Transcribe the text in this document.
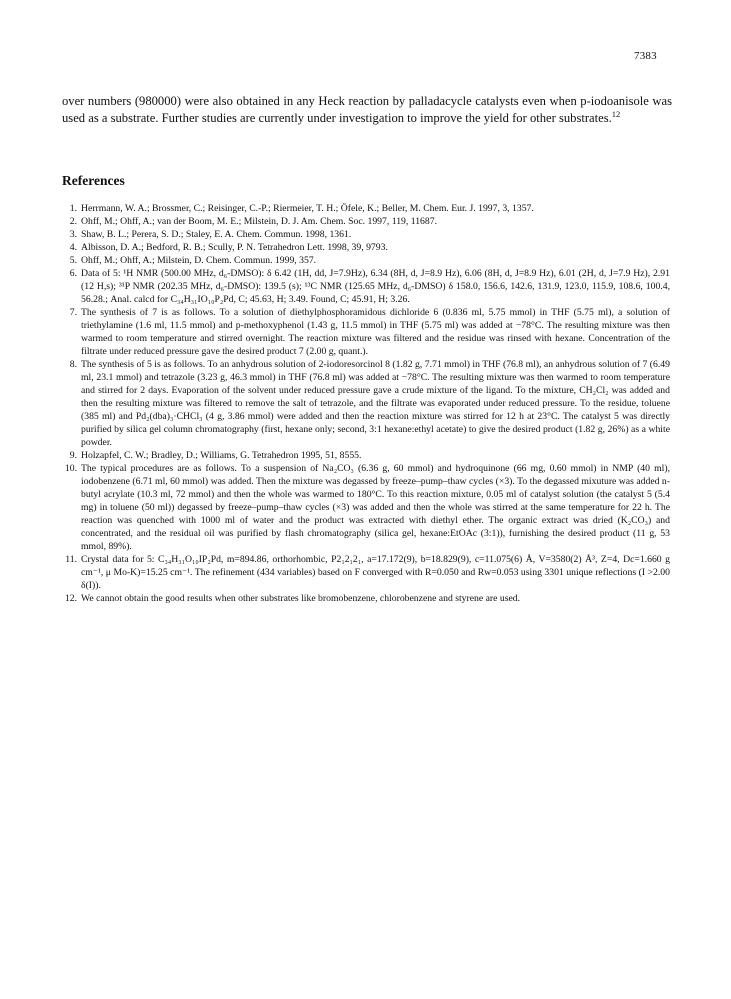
7383
over numbers (980000) were also obtained in any Heck reaction by palladacycle catalysts even when p-iodoanisole was used as a substrate. Further studies are currently under investigation to improve the yield for other substrates.$^{12}$
References
1. Herrmann, W. A.; Brossmer, C.; Reisinger, C.-P.; Riermeier, T. H.; Öfele, K.; Beller, M. Chem. Eur. J. 1997, 3, 1357.
2. Ohff, M.; Ohff, A.; van der Boom, M. E.; Milstein, D. J. Am. Chem. Soc. 1997, 119, 11687.
3. Shaw, B. L.; Perera, S. D.; Staley, E. A. Chem. Commun. 1998, 1361.
4. Albisson, D. A.; Bedford, R. B.; Scully, P. N. Tetrahedron Lett. 1998, 39, 9793.
5. Ohff, M.; Ohff, A.; Milstein, D. Chem. Commun. 1999, 357.
6. Data of 5: ¹H NMR (500.00 MHz, d₆-DMSO): δ 6.42 (1H, dd, J=7.9Hz), 6.34 (8H, d, J=8.9 Hz), 6.06 (8H, d, J=8.9 Hz), 6.01 (2H, d, J=7.9 Hz), 2.91 (12 H,s); ³¹P NMR (202.35 MHz, d₆-DMSO): 139.5 (s); ¹³C NMR (125.65 MHz, d₆-DMSO) δ 158.0, 156.6, 142.6, 131.9, 123.0, 115.9, 108.6, 100.4, 56.28.; Anal. calcd for C₃₄H₃₁IO₁₀P₂Pd, C; 45.63, H; 3.49. Found, C; 45.91, H; 3.26.
7. The synthesis of 7 is as follows. To a solution of diethylphosphoramidous dichloride 6 (0.836 ml, 5.75 mmol) in THF (5.75 ml), a solution of triethylamine (1.6 ml, 11.5 mmol) and p-methoxyphenol (1.43 g, 11.5 mmol) in THF (5.75 ml) was added at −78°C. The resulting mixture was then warmed to room temperature and stirred overnight. The reaction mixture was filtered and the residue was rinsed with hexane. Concentration of the filtrate under reduced pressure gave the desired product 7 (2.00 g, quant.).
8. The synthesis of 5 is as follows. To an anhydrous solution of 2-iodoresorcinol 8 (1.82 g, 7.71 mmol) in THF (76.8 ml), an anhydrous solution of 7 (6.49 ml, 23.1 mmol) and tetrazole (3.23 g, 46.3 mmol) in THF (76.8 ml) was added at −78°C. The resulting mixture was then warmed to room temperature and stirred for 2 days. Evaporation of the solvent under reduced pressure gave a crude mixture of the ligand. To the mixture, CH₂Cl₂ was added and then the resulting mixture was filtered to remove the salt of tetrazole, and the filtrate was evaporated under reduced pressure. To the residue, toluene (385 ml) and Pd₂(dba)₃·CHCl₃ (4 g, 3.86 mmol) were added and then the reaction mixture was stirred for 12 h at 23°C. The catalyst 5 was directly purified by silica gel column chromatography (first, hexane only; second, 3:1 hexane:ethyl acetate) to give the desired product (1.82 g, 26%) as a white powder.
9. Holzapfel, C. W.; Bradley, D.; Williams, G. Tetrahedron 1995, 51, 8555.
10. The typical procedures are as follows. To a suspension of Na₂CO₃ (6.36 g, 60 mmol) and hydroquinone (66 mg, 0.60 mmol) in NMP (40 ml), iodobenzene (6.71 ml, 60 mmol) was added. Then the mixture was degassed by freeze–pump–thaw cycles (×3). To the degassed mixuture was added n-butyl acrylate (10.3 ml, 72 mmol) and then the whole was warmed to 180°C. To this reaction mixture, 0.05 ml of catalyst solution (the catalyst 5 (5.4 mg) in toluene (50 ml)) degassed by freeze–pump–thaw cycles (×3) was added and then the whole was stirred at the same temperature for 22 h. The reaction was quenched with 1000 ml of water and the product was extracted with diethyl ether. The organic extract was dried (K₂CO₃) and concentrated, and the residual oil was purified by flash chromatography (silica gel, hexane:EtOAc (3:1)), furnishing the desired product (11 g, 53 mmol, 89%).
11. Crystal data for 5: C₃₄H₃₁O₁₀IP₂Pd, m=894.86, orthorhombic, P2₁2₁2₁, a=17.172(9), b=18.829(9), c=11.075(6) Å, V=3580(2) Å³, Z=4, Dc=1.660 g cm⁻¹, μ Mo-K)=15.25 cm⁻¹. The refinement (434 variables) based on F converged with R=0.050 and Rw=0.053 using 3301 unique reflections (I >2.00 δ(I)).
12. We cannot obtain the good results when other substrates like bromobenzene, chlorobenzene and styrene are used.
